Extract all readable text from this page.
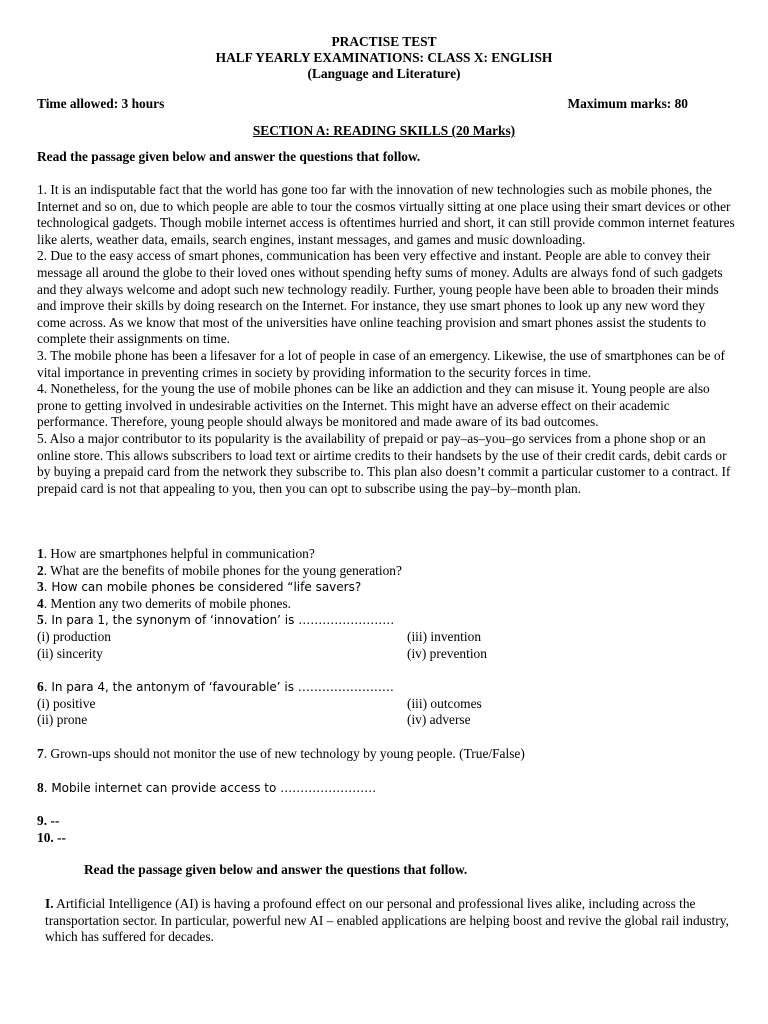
PRACTISE TEST
HALF YEARLY EXAMINATIONS: CLASS X: ENGLISH
(Language and Literature)
Time allowed: 3 hours	Maximum marks: 80
SECTION A: READING SKILLS (20 Marks)
Read the passage given below and answer the questions that follow.

1. It is an indisputable fact that the world has gone too far with the innovation of new technologies such as mobile phones, the Internet and so on, due to which people are able to tour the cosmos virtually sitting at one place using their smart devices or other technological gadgets. Though mobile internet access is oftentimes hurried and short, it can still provide common internet features like alerts, weather data, emails, search engines, instant messages, and games and music downloading.

2. Due to the easy access of smart phones, communication has been very effective and instant. People are able to convey their message all around the globe to their loved ones without spending hefty sums of money. Adults are always fond of such gadgets and they always welcome and adopt such new technology readily. Further, young people have been able to broaden their minds and improve their skills by doing research on the Internet. For instance, they use smart phones to look up any new word they come across. As we know that most of the universities have online teaching provision and smart phones assist the students to complete their assignments on time.

3. The mobile phone has been a lifesaver for a lot of people in case of an emergency. Likewise, the use of smartphones can be of vital importance in preventing crimes in society by providing information to the security forces in time.

4. Nonetheless, for the young the use of mobile phones can be like an addiction and they can misuse it. Young people are also prone to getting involved in undesirable activities on the Internet. This might have an adverse effect on their academic performance. Therefore, young people should always be monitored and made aware of its bad outcomes.

5. Also a major contributor to its popularity is the availability of prepaid or pay–as–you–go services from a phone shop or an online store. This allows subscribers to load text or airtime credits to their handsets by the use of their credit cards, debit cards or by buying a prepaid card from the network they subscribe to. This plan also doesn’t commit a particular customer to a contract. If prepaid card is not that appealing to you, then you can opt to subscribe using the pay–by–month plan.

1. How are smartphones helpful in communication?

2. What are the benefits of mobile phones for the young generation?

3. How can mobile phones be considered “life savers?

4. Mention any two demerits of mobile phones.

5. In para 1, the synonym of ‘innovation’ is ……………………

(i) production	(iii) invention
(ii) sincerity	(iv) prevention

6. In para 4, the antonym of ‘favourable’ is ……………………

(i) positive	(iii) outcomes
(ii) prone	(iv) adverse

7. Grown-ups should not monitor the use of new technology by young people. (True/False)

8. Mobile internet can provide access to ……………………

9. --

10. --

Read the passage given below and answer the questions that follow.

I. Artificial Intelligence (AI) is having a profound effect on our personal and professional lives alike, including across the transportation sector. In particular, powerful new AI – enabled applications are helping boost and revive the global rail industry, which has suffered for decades.
